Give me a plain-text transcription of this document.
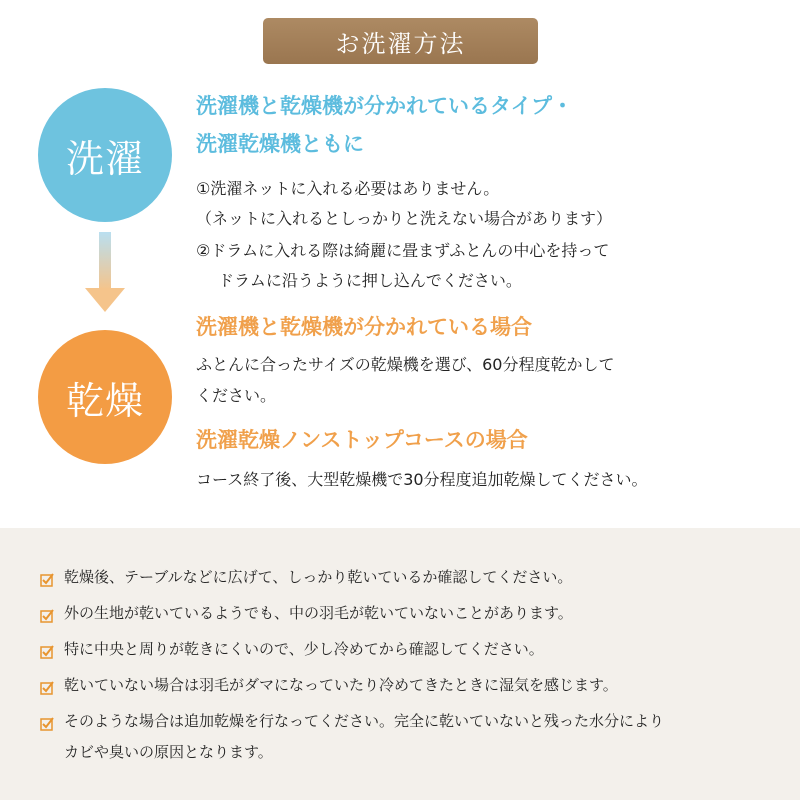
お洗濯方法
洗濯
乾燥
洗濯機と乾燥機が分かれているタイプ・
洗濯乾燥機ともに
①洗濯ネットに入れる必要はありません。
（ネットに入れるとしっかりと洗えない場合があります）
②ドラムに入れる際は綺麗に畳まずふとんの中心を持って
ドラムに沿うように押し込んでください。
洗濯機と乾燥機が分かれている場合
ふとんに合ったサイズの乾燥機を選び、60分程度乾かして
ください。
洗濯乾燥ノンストップコースの場合
コース終了後、大型乾燥機で30分程度追加乾燥してください。
乾燥後、テーブルなどに広げて、しっかり乾いているか確認してください。
外の生地が乾いているようでも、中の羽毛が乾いていないことがあります。
特に中央と周りが乾きにくいので、少し冷めてから確認してください。
乾いていない場合は羽毛がダマになっていたり冷めてきたときに湿気を感じます。
そのような場合は追加乾燥を行なってください。完全に乾いていないと残った水分により
カビや臭いの原因となります。
